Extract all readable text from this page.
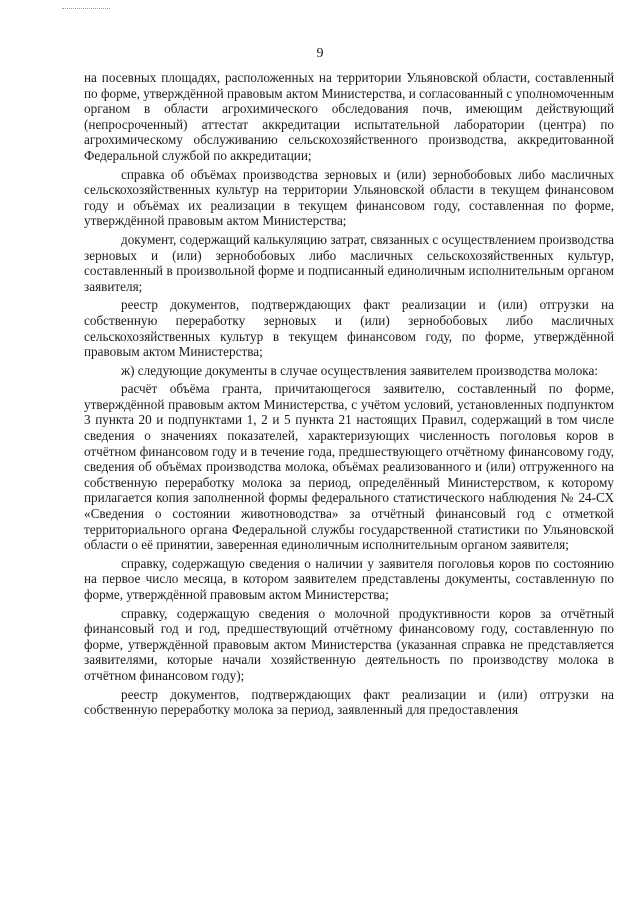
9

на посевных площадях, расположенных на территории Ульяновской области, составленный по форме, утверждённой правовым актом Министерства, и согласованный с уполномоченным органом в области агрохимического обследования почв, имеющим действующий (непросроченный) аттестат аккредитации испытательной лаборатории (центра) по агрохимическому обслуживанию сельскохозяйственного производства, аккредитованной Федеральной службой по аккредитации;

справка об объёмах производства зерновых и (или) зернобобовых либо масличных сельскохозяйственных культур на территории Ульяновской области в текущем финансовом году и объёмах их реализации в текущем финансовом году, составленная по форме, утверждённой правовым актом Министерства;

документ, содержащий калькуляцию затрат, связанных с осуществлением производства зерновых и (или) зернобобовых либо масличных сельскохозяйственных культур, составленный в произвольной форме и подписанный единоличным исполнительным органом заявителя;

реестр документов, подтверждающих факт реализации и (или) отгрузки на собственную переработку зерновых и (или) зернобобовых либо масличных сельскохозяйственных культур в текущем финансовом году, по форме, утверждённой правовым актом Министерства;

ж) следующие документы в случае осуществления заявителем производства молока:

расчёт объёма гранта, причитающегося заявителю, составленный по форме, утверждённой правовым актом Министерства, с учётом условий, установленных подпунктом 3 пункта 20 и подпунктами 1, 2 и 5 пункта 21 настоящих Правил, содержащий в том числе сведения о значениях показателей, характеризующих численность поголовья коров в отчётном финансовом году и в течение года, предшествующего отчётному финансовому году, сведения об объёмах производства молока, объёмах реализованного и (или) отгруженного на собственную переработку молока за период, определённый Министерством, к которому прилагается копия заполненной формы федерального статистического наблюдения № 24-СХ «Сведения о состоянии животноводства» за отчётный финансовый год с отметкой территориального органа Федеральной службы государственной статистики по Ульяновской области о её принятии, заверенная единоличным исполнительным органом заявителя;

справку, содержащую сведения о наличии у заявителя поголовья коров по состоянию на первое число месяца, в котором заявителем представлены документы, составленную по форме, утверждённой правовым актом Министерства;

справку, содержащую сведения о молочной продуктивности коров за отчётный финансовый год и год, предшествующий отчётному финансовому году, составленную по форме, утверждённой правовым актом Министерства (указанная справка не представляется заявителями, которые начали хозяйственную деятельность по производству молока в отчётном финансовом году);

реестр документов, подтверждающих факт реализации и (или) отгрузки на собственную переработку молока за период, заявленный для предоставления
